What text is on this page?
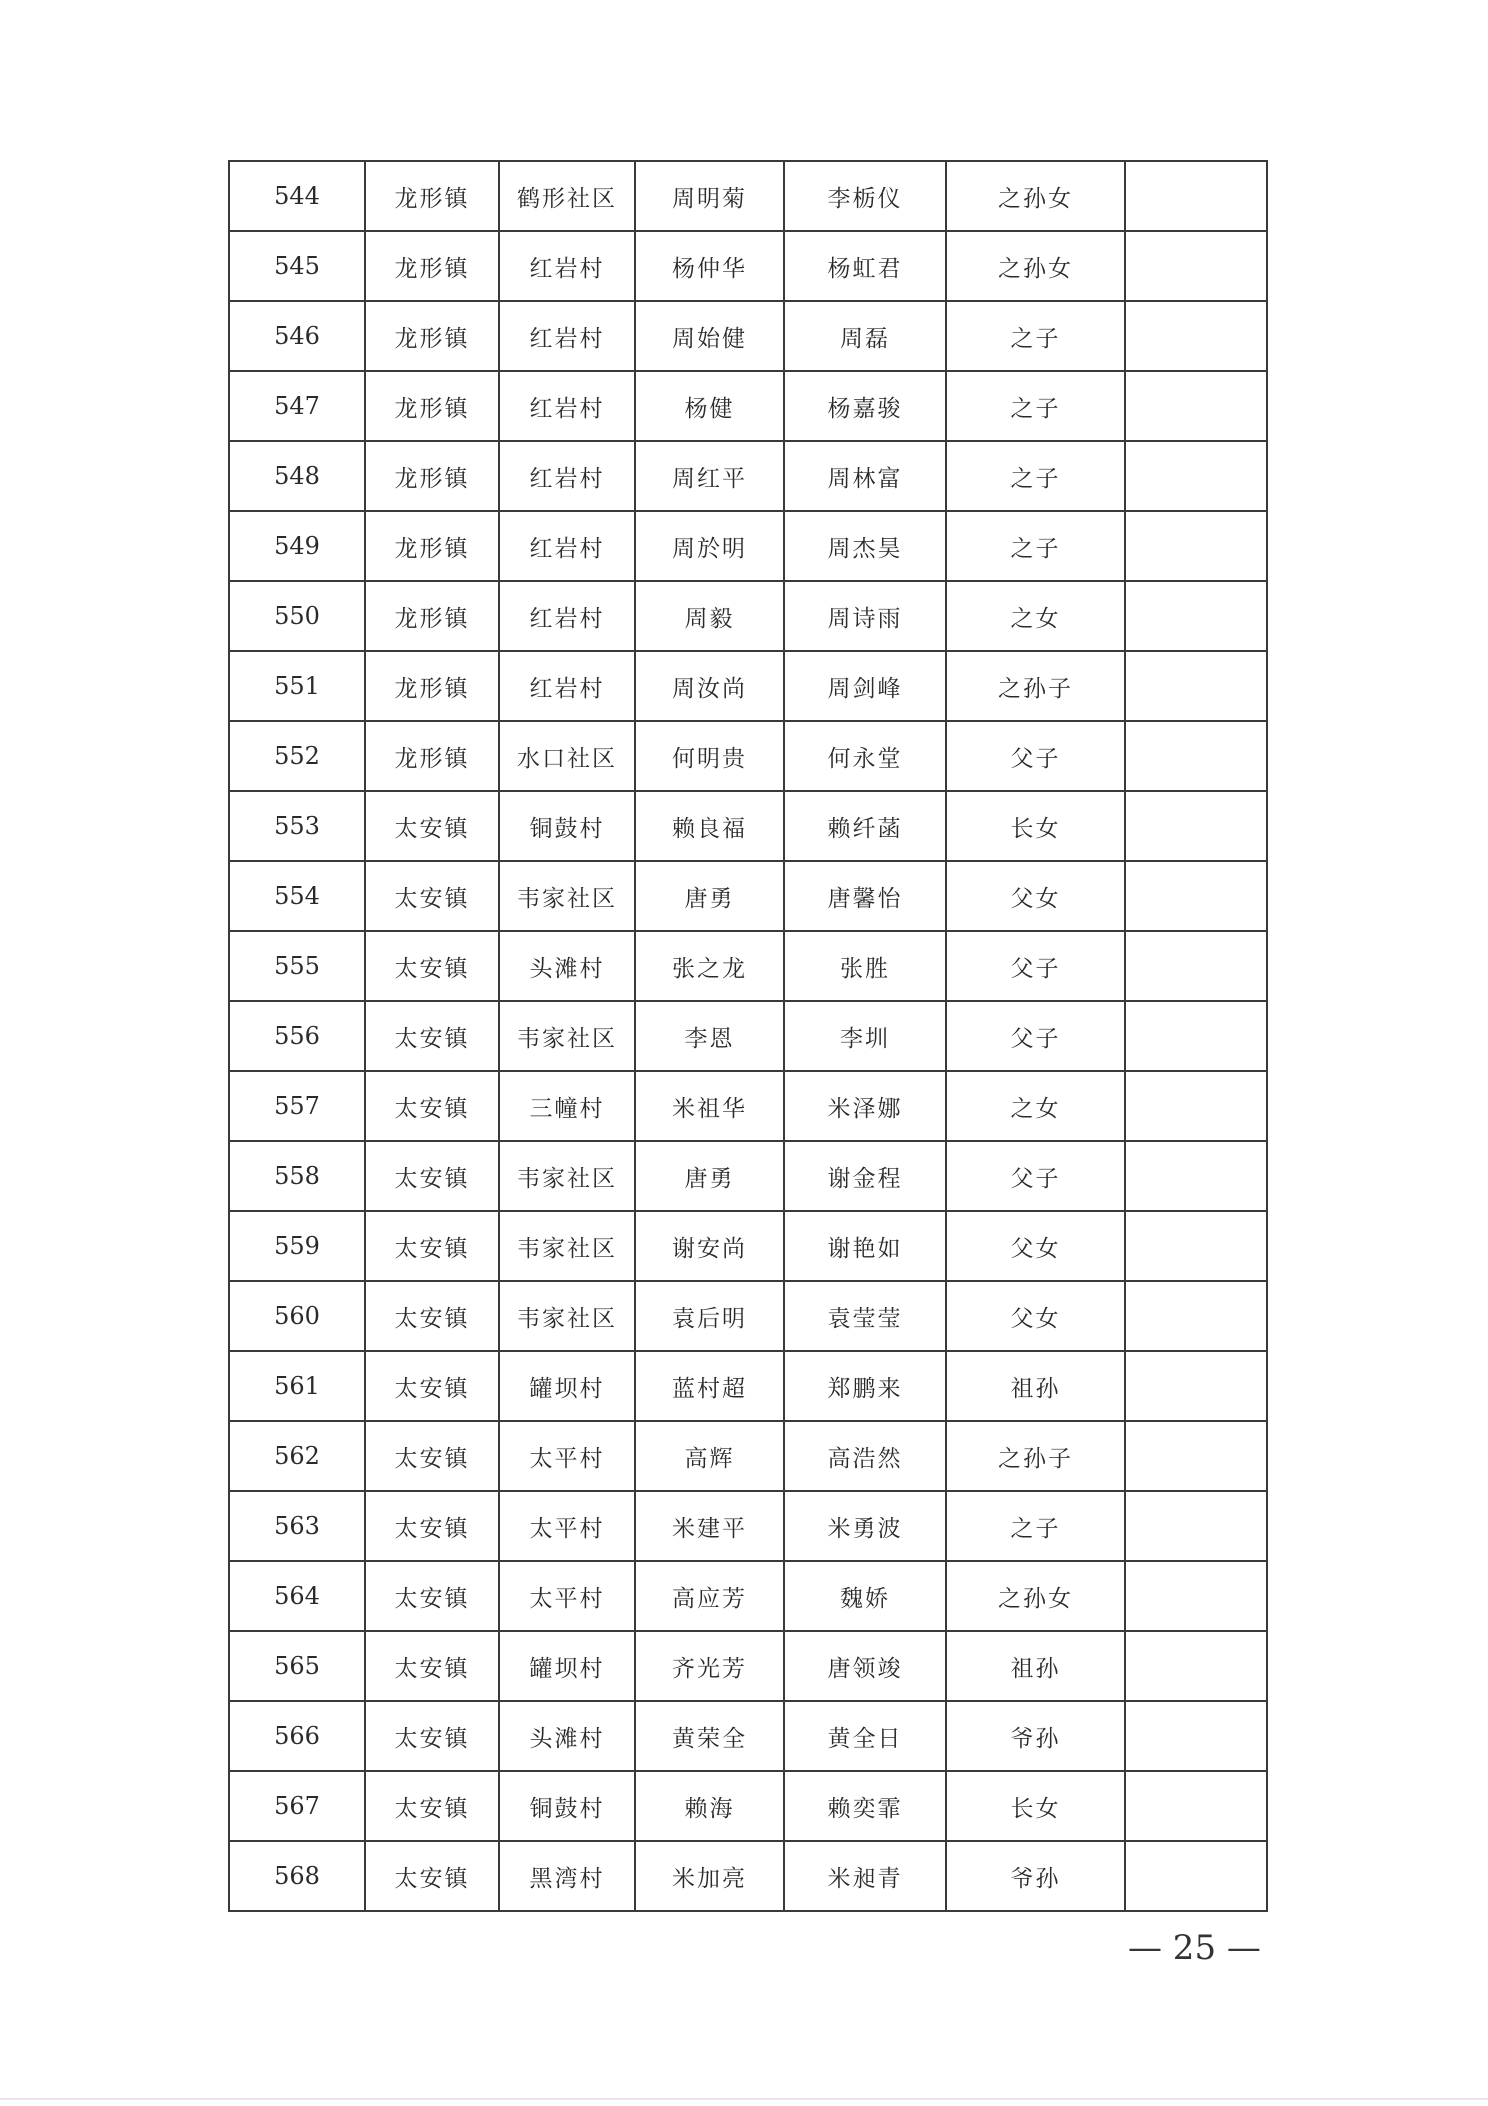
544	龙形镇	鹤形社区	周明菊	李栃仪	之孙女	
545	龙形镇	红岩村	杨仲华	杨虹君	之孙女	
546	龙形镇	红岩村	周始健	周磊	之子	
547	龙形镇	红岩村	杨健	杨嘉骏	之子	
548	龙形镇	红岩村	周红平	周林富	之子	
549	龙形镇	红岩村	周於明	周杰昊	之子	
550	龙形镇	红岩村	周毅	周诗雨	之女	
551	龙形镇	红岩村	周汝尚	周剑峰	之孙子	
552	龙形镇	水口社区	何明贵	何永堂	父子	
553	太安镇	铜鼓村	赖良福	赖纤菡	长女	
554	太安镇	韦家社区	唐勇	唐馨怡	父女	
555	太安镇	头滩村	张之龙	张胜	父子	
556	太安镇	韦家社区	李恩	李圳	父子	
557	太安镇	三幢村	米祖华	米泽娜	之女	
558	太安镇	韦家社区	唐勇	谢金程	父子	
559	太安镇	韦家社区	谢安尚	谢艳如	父女	
560	太安镇	韦家社区	袁后明	袁莹莹	父女	
561	太安镇	罐坝村	蓝村超	郑鹏来	祖孙	
562	太安镇	太平村	高辉	高浩然	之孙子	
563	太安镇	太平村	米建平	米勇波	之子	
564	太安镇	太平村	高应芳	魏娇	之孙女	
565	太安镇	罐坝村	齐光芳	唐领竣	祖孙	
566	太安镇	头滩村	黄荣全	黄全日	爷孙	
567	太安镇	铜鼓村	赖海	赖奕霏	长女	
568	太安镇	黑湾村	米加亮	米昶青	爷孙	
— 25 —
